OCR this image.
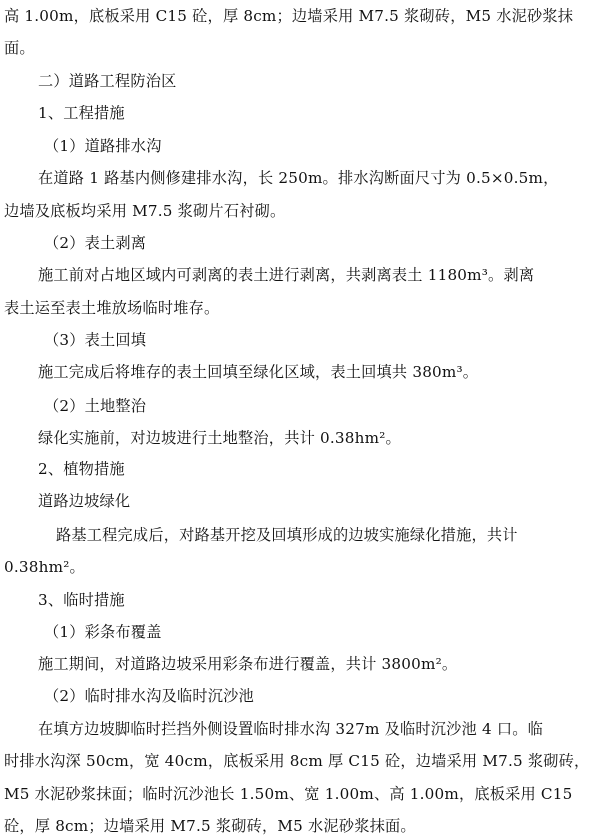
高 1.00m，底板采用 C15 砼，厚 8cm；边墙采用 M7.5 浆砌砖，M5 水泥砂浆抹
面。
二）道路工程防治区
1、工程措施
（1）道路排水沟
在道路 1 路基内侧修建排水沟，长 250m。排水沟断面尺寸为 0.5×0.5m，
边墙及底板均采用 M7.5 浆砌片石衬砌。
（2）表土剥离
施工前对占地区域内可剥离的表土进行剥离，共剥离表土 1180m³。剥离
表土运至表土堆放场临时堆存。
（3）表土回填
施工完成后将堆存的表土回填至绿化区域，表土回填共 380m³。
（2）土地整治
绿化实施前，对边坡进行土地整治，共计 0.38hm²。
2、植物措施
道路边坡绿化
路基工程完成后，对路基开挖及回填形成的边坡实施绿化措施，共计
0.38hm²。
3、临时措施
（1）彩条布覆盖
施工期间，对道路边坡采用彩条布进行覆盖，共计 3800m²。
（2）临时排水沟及临时沉沙池
在填方边坡脚临时拦挡外侧设置临时排水沟 327m 及临时沉沙池 4 口。临
时排水沟深 50cm，宽 40cm，底板采用 8cm 厚 C15 砼，边墙采用 M7.5 浆砌砖，
M5 水泥砂浆抹面；临时沉沙池长 1.50m、宽 1.00m、高 1.00m，底板采用 C15
砼，厚 8cm；边墙采用 M7.5 浆砌砖，M5 水泥砂浆抹面。
